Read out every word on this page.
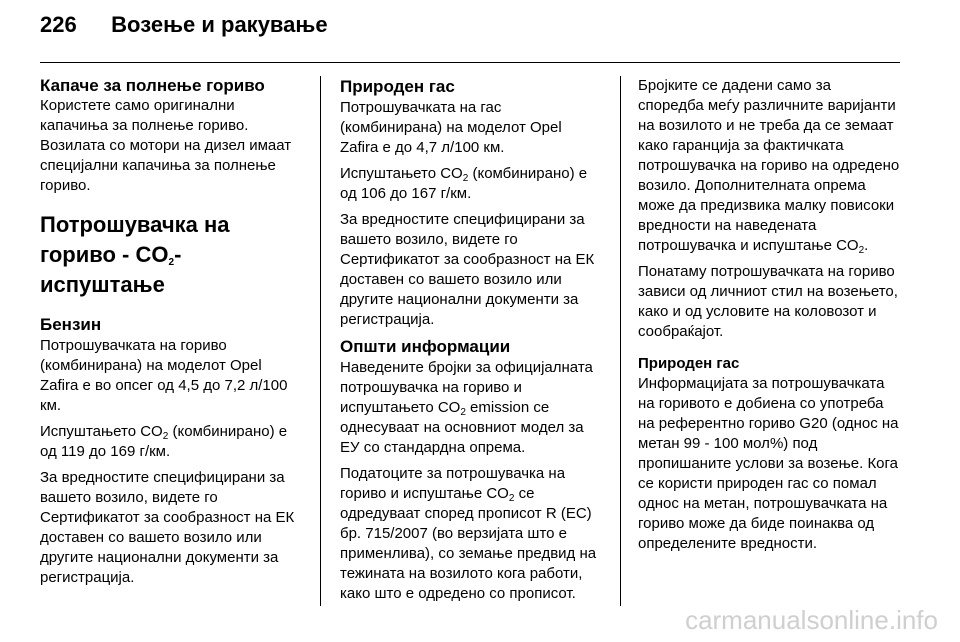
226 Возење и ракување
Капаче за полнење гориво

Користете само оригинални капачиња за полнење гориво. Возилата со мотори на дизел имаат специјални капачиња за полнење гориво.

Потрошувачка на
гориво - $CO_2$-испуштање
Бензин

Потрошувачката на гориво (комбинирана) на моделот Opel Zafira е во опсег од 4,5 до 7,2 л/100 км.

Испуштањето $CO_2$ (комбинирано) е од 119 до 169 г/км.

За вредностите специфицирани за вашето возило, видете го Сертификатот за сообразност на ЕК доставен со вашето возило или другите национални документи за регистрација.

Природен гас

Потрошувачката на гас (комбинирана) на моделот Opel Zafira е до 4,7 л/100 км.

Испуштањето $CO_2$ (комбинирано) е од 106 до 167 г/км.

За вредностите специфицирани за вашето возило, видете го Сертификатот за сообразност на ЕК доставен со вашето возило или другите национални документи за регистрација.

Општи информации

Наведените бројки за официјалната потрошувачка на гориво и испуштањето $CO_2$ emission се однесуваат на основниот модел за ЕУ со стандардна опрема.

Податоците за потрошувачка на гориво и испуштање $CO_2$ се одредуваат според прописот R (ЕС) бр. 715/2007 (во верзијата што е применлива), со земање предвид на тежината на возилото кога работи, како што е одредено со прописот.

Бројките се дадени само за споредба меѓу различните варијанти на возилото и не треба да се земаат како гаранција за фактичката потрошувачка на гориво на одредено возило. Дополнителната опрема може да предизвика малку повисоки вредности на наведената потрошувачка и испуштање $CO_2$.

Понатаму потрошувачката на гориво зависи од личниот стил на возењето, како и од условите на коловозот и сообраќајот.

Природен гас

Информацијата за потрошувачката на горивото е добиена со употреба на референтно гориво G20 (однос на метан 99 - 100 мол%) под пропишаните услови за возење. Кога се користи природен гас со помал однос на метан, потрошувачката на гориво може да биде поинаква од определените вредности.

carmanualsonline.info
